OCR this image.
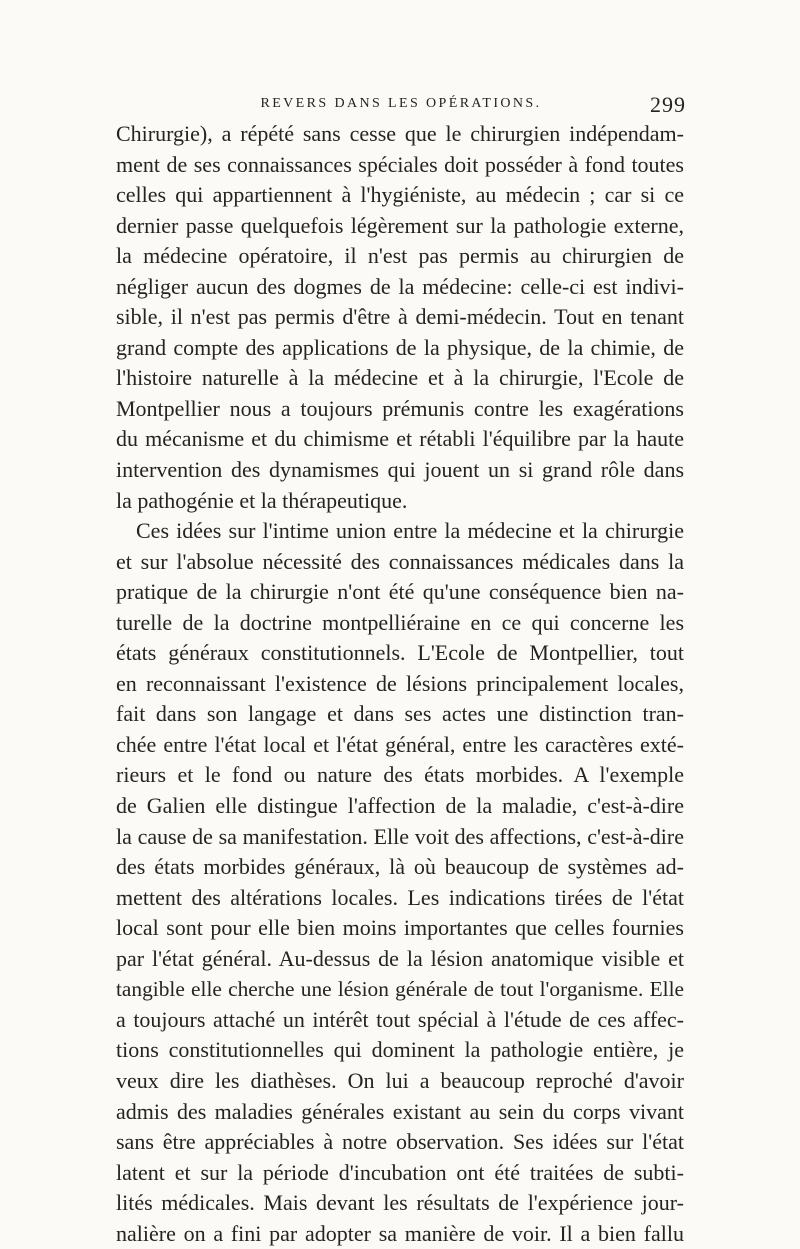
REVERS DANS LES OPÉRATIONS.	299
Chirurgie), a répété sans cesse que le chirurgien indépendam-
ment de ses connaissances spéciales doit posséder à fond toutes
celles qui appartiennent à l'hygiéniste, au médecin ; car si ce
dernier passe quelquefois légèrement sur la pathologie externe,
la médecine opératoire, il n'est pas permis au chirurgien de
négliger aucun des dogmes de la médecine: celle-ci est indivi-
sible, il n'est pas permis d'être à demi-médecin. Tout en tenant
grand compte des applications de la physique, de la chimie, de
l'histoire naturelle à la médecine et à la chirurgie, l'Ecole de
Montpellier nous a toujours prémunis contre les exagérations
du mécanisme et du chimisme et rétabli l'équilibre par la haute
intervention des dynamismes qui jouent un si grand rôle dans
la pathogénie et la thérapeutique.
Ces idées sur l'intime union entre la médecine et la chirurgie
et sur l'absolue nécessité des connaissances médicales dans la
pratique de la chirurgie n'ont été qu'une conséquence bien na-
turelle de la doctrine montpelliéraine en ce qui concerne les
états généraux constitutionnels. L'Ecole de Montpellier, tout
en reconnaissant l'existence de lésions principalement locales,
fait dans son langage et dans ses actes une distinction tran-
chée entre l'état local et l'état général, entre les caractères exté-
rieurs et le fond ou nature des états morbides. A l'exemple
de Galien elle distingue l'affection de la maladie, c'est-à-dire
la cause de sa manifestation. Elle voit des affections, c'est-à-dire
des états morbides généraux, là où beaucoup de systèmes ad-
mettent des altérations locales. Les indications tirées de l'état
local sont pour elle bien moins importantes que celles fournies
par l'état général. Au-dessus de la lésion anatomique visible et
tangible elle cherche une lésion générale de tout l'organisme. Elle
a toujours attaché un intérêt tout spécial à l'étude de ces affec-
tions constitutionnelles qui dominent la pathologie entière, je
veux dire les diathèses. On lui a beaucoup reproché d'avoir
admis des maladies générales existant au sein du corps vivant
sans être appréciables à notre observation. Ses idées sur l'état
latent et sur la période d'incubation ont été traitées de subti-
lités médicales. Mais devant les résultats de l'expérience jour-
nalière on a fini par adopter sa manière de voir. Il a bien fallu
